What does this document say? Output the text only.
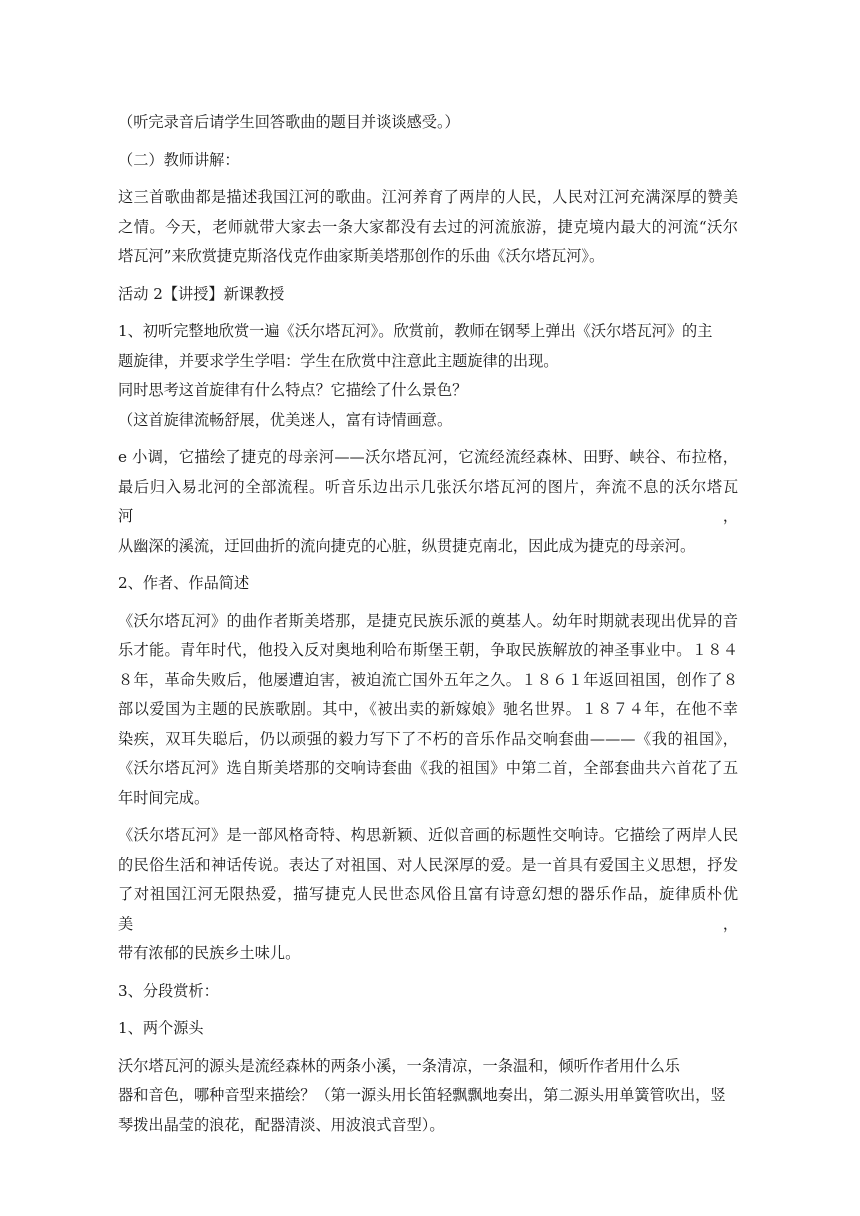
（听完录音后请学生回答歌曲的题目并谈谈感受。）
（二）教师讲解：
这三首歌曲都是描述我国江河的歌曲。江河养育了两岸的人民，人民对江河充满深厚的赞美
之情。今天，老师就带大家去一条大家都没有去过的河流旅游，捷克境内最大的河流“沃尔
塔瓦河”来欣赏捷克斯洛伐克作曲家斯美塔那创作的乐曲《沃尔塔瓦河》。
活动 2【讲授】新课教授
1、初听完整地欣赏一遍《沃尔塔瓦河》。欣赏前，教师在钢琴上弹出《沃尔塔瓦河》的主
题旋律，并要求学生学唱：学生在欣赏中注意此主题旋律的出现。
同时思考这首旋律有什么特点？它描绘了什么景色？
（这首旋律流畅舒展，优美迷人，富有诗情画意。
e 小调，它描绘了捷克的母亲河——沃尔塔瓦河，它流经流经森林、田野、峡谷、布拉格，
最后归入易北河的全部流程。听音乐边出示几张沃尔塔瓦河的图片，奔流不息的沃尔塔瓦河，
从幽深的溪流，迂回曲折的流向捷克的心脏，纵贯捷克南北，因此成为捷克的母亲河。
2、作者、作品简述
《沃尔塔瓦河》的曲作者斯美塔那，是捷克民族乐派的奠基人。幼年时期就表现出优异的音
乐才能。青年时代，他投入反对奥地利哈布斯堡王朝，争取民族解放的神圣事业中。１８４
８年，革命失败后，他屡遭迫害，被迫流亡国外五年之久。１８６１年返回祖国，创作了８
部以爱国为主题的民族歌剧。其中，《被出卖的新嫁娘》驰名世界。１８７４年，在他不幸
染疾，双耳失聪后，仍以顽强的毅力写下了不朽的音乐作品交响套曲———《我的祖国》，
《沃尔塔瓦河》选自斯美塔那的交响诗套曲《我的祖国》中第二首，全部套曲共六首花了五
年时间完成。
《沃尔塔瓦河》是一部风格奇特、构思新颖、近似音画的标题性交响诗。它描绘了两岸人民
的民俗生活和神话传说。表达了对祖国、对人民深厚的爱。是一首具有爱国主义思想，抒发
了对祖国江河无限热爱，描写捷克人民世态风俗且富有诗意幻想的器乐作品，旋律质朴优美，
带有浓郁的民族乡土味儿。
3、分段赏析：
1、两个源头
沃尔塔瓦河的源头是流经森林的两条小溪，一条清凉，一条温和，倾听作者用什么乐
器和音色，哪种音型来描绘？（第一源头用长笛轻飘飘地奏出，第二源头用单簧管吹出，竖
琴拨出晶莹的浪花，配器清淡、用波浪式音型）。
